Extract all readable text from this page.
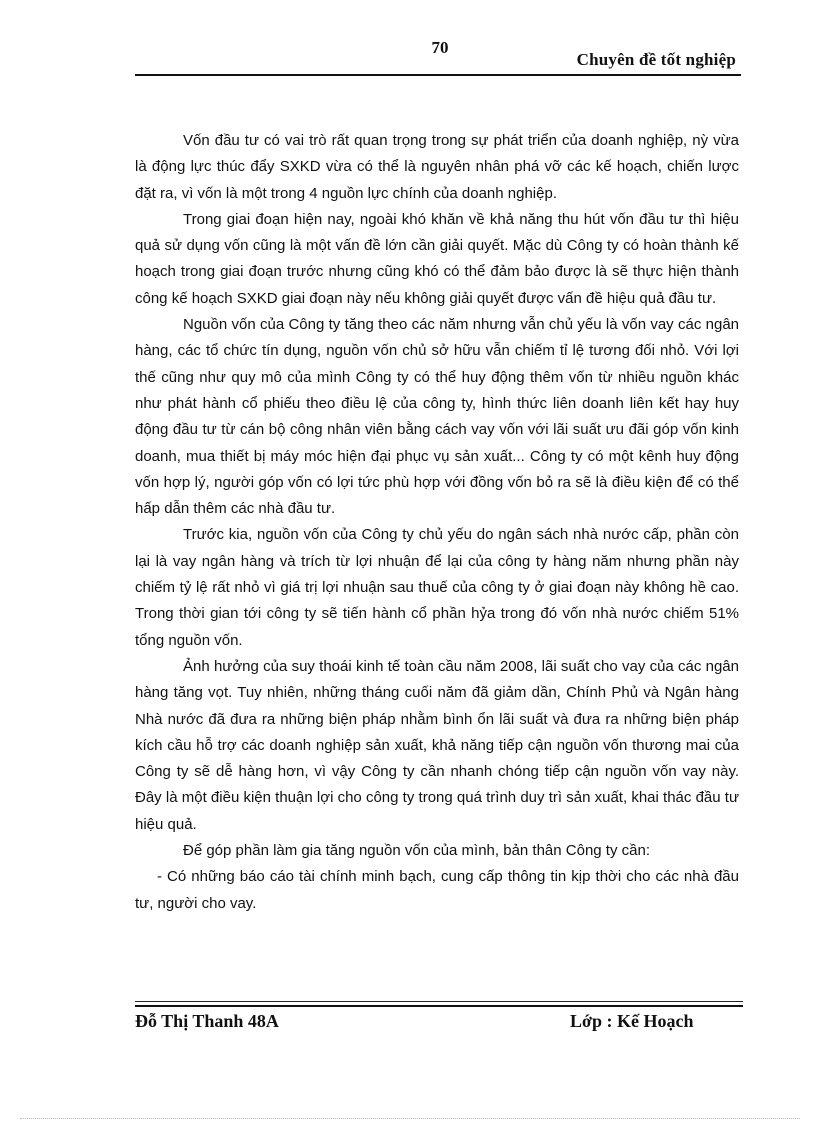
70
Chuyên đề tốt nghiệp

Vốn đầu tư có vai trò rất quan trọng trong sự phát triển của doanh nghiệp, nỳ vừa là động lực thúc đẩy SXKD vừa có thể là nguyên nhân phá vỡ các kế hoạch, chiến lược đặt ra, vì vốn là một trong 4 nguồn lực chính của doanh nghiệp.

Trong giai đoạn hiện nay, ngoài khó khăn về khả năng thu hút vốn đầu tư thì hiệu quả sử dụng vốn cũng là một vấn đề lớn cần giải quyết. Mặc dù Công ty có hoàn thành kế hoạch trong giai đoạn trước nhưng cũng khó có thể đảm bảo được là sẽ thực hiện thành công kế hoạch SXKD giai đoạn này nếu không giải quyết được vấn đề hiệu quả đầu tư.

Nguồn vốn của Công ty tăng theo các năm nhưng vẫn chủ yếu là vốn vay các ngân hàng, các tổ chức tín dụng, nguồn vốn chủ sở hữu vẫn chiếm tỉ lệ tương đối nhỏ. Với lợi thế cũng như quy mô của mình Công ty có thể huy động thêm vốn từ nhiều nguồn khác như phát hành cổ phiếu theo điều lệ của công ty, hình thức liên doanh liên kết hay huy động đầu tư từ cán bộ công nhân viên bằng cách vay vốn với lãi suất ưu đãi góp vốn kinh doanh, mua thiết bị máy móc hiện đại phục vụ sản xuất... Công ty có một kênh huy động vốn hợp lý, người góp vốn có lợi tức phù hợp với đồng vốn bỏ ra sẽ là điều kiện để có thể hấp dẫn thêm các nhà đầu tư.

Trước kia, nguồn vốn của Công ty chủ yếu do ngân sách nhà nước cấp, phần còn lại là vay ngân hàng và trích từ lợi nhuận để lại của công ty hàng năm nhưng phần này chiếm tỷ lệ rất nhỏ vì giá trị lợi nhuận sau thuế của công ty ở giai đoạn này không hề cao. Trong thời gian tới công ty sẽ tiến hành cổ phần hỷa trong đó vốn nhà nước chiếm 51% tổng nguồn vốn.

Ảnh hưởng của suy thoái kinh tế toàn cầu năm 2008, lãi suất cho vay của các ngân hàng tăng vọt. Tuy nhiên, những tháng cuối năm đã giảm dần, Chính Phủ và Ngân hàng Nhà nước đã đưa ra những biện pháp nhằm bình ổn lãi suất và đưa ra những biện pháp kích cầu hỗ trợ các doanh nghiệp sản xuất, khả năng tiếp cận nguồn vốn thương mai của Công ty sẽ dễ hàng hơn, vì vậy Công ty cần nhanh chóng tiếp cận nguồn vốn vay này. Đây là một điều kiện thuận lợi cho công ty trong quá trình duy trì sản xuất, khai thác đầu tư hiệu quả.

Để góp phần làm gia tăng nguồn vốn của mình, bản thân Công ty cần:

- Có những báo cáo tài chính minh bạch, cung cấp thông tin kịp thời cho các nhà đầu tư, người cho vay.

Đỗ Thị Thanh 48A	Lớp : Kế Hoạch
